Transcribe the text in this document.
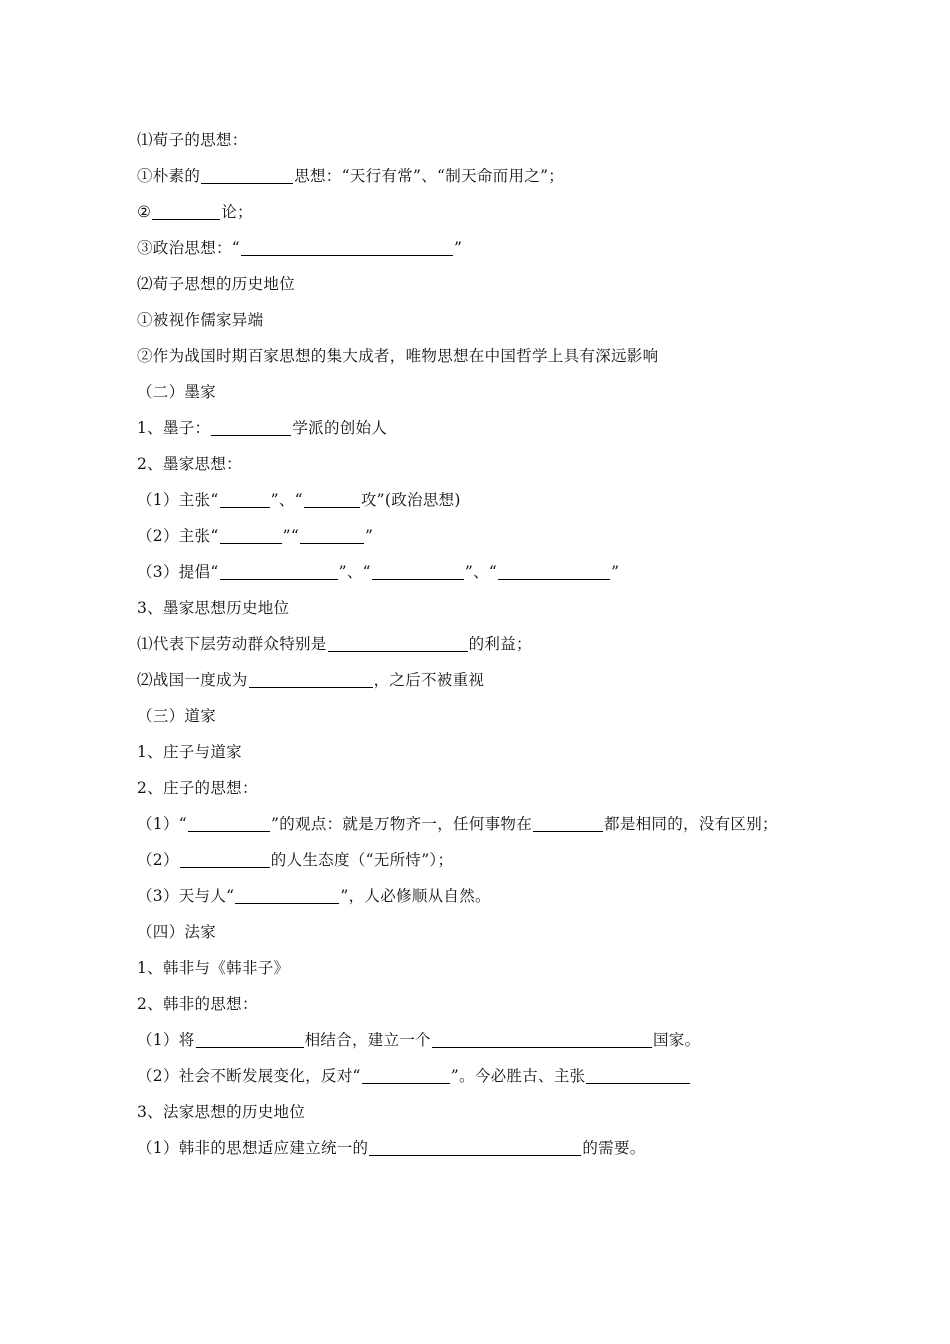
⑴荀子的思想：
①朴素的	思想：“天行有常”、“制天命而用之”；
②	论；
③政治思想：“	”
⑵荀子思想的历史地位
①被视作儒家异端
②作为战国时期百家思想的集大成者，唯物思想在中国哲学上具有深远影响
（二）墨家
1、墨子：	学派的创始人
2、墨家思想：
（1）主张“	”、“	攻”(政治思想)
（2）主张“	”“	”
（3）提倡“	”、“	”、“	”
3、墨家思想历史地位
⑴代表下层劳动群众特别是	的利益；
⑵战国一度成为	，之后不被重视
（三）道家
1、庄子与道家
2、庄子的思想：
（1）“	”的观点：就是万物齐一，任何事物在	都是相同的，没有区别；
（2）	的人生态度（“无所恃”）；
（3）天与人“	”，人必修顺从自然。
（四）法家
1、韩非与《韩非子》
2、韩非的思想：
（1）将	相结合，建立一个	国家。
（2）社会不断发展变化，反对“	”。今必胜古、主张
3、法家思想的历史地位
（1）韩非的思想适应建立统一的	的需要。
